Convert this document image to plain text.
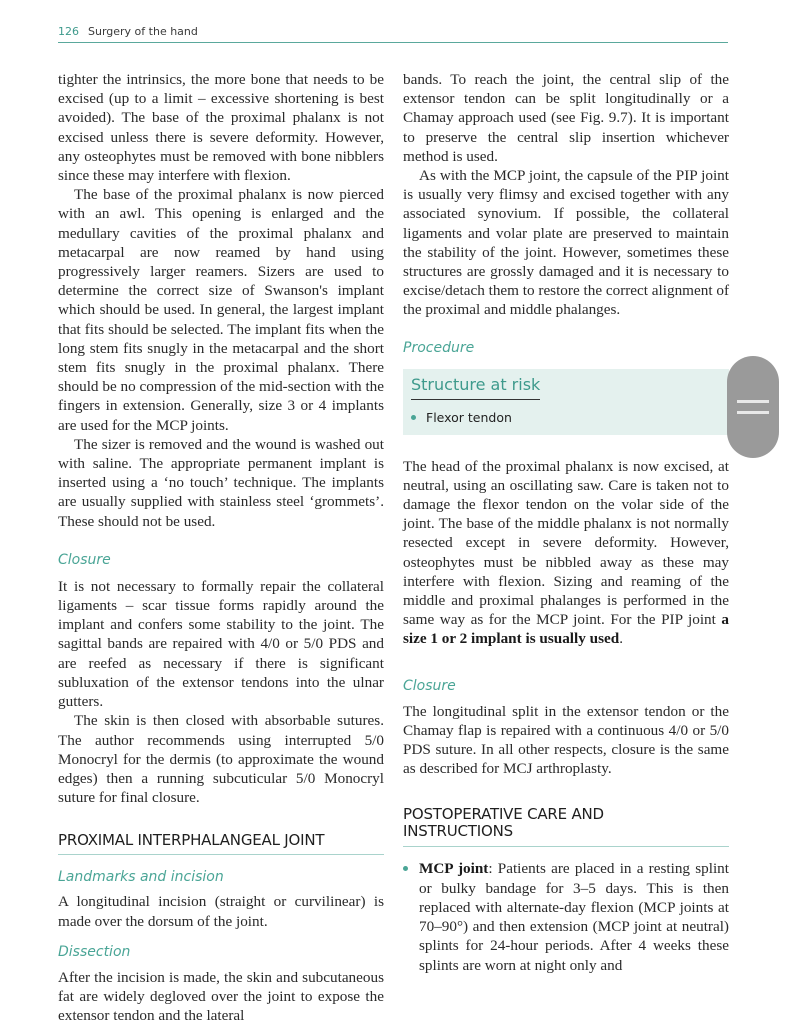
126 Surgery of the hand

tighter the intrinsics, the more bone that needs to be excised (up to a limit – excessive shortening is best avoided). The base of the proximal phalanx is not excised unless there is severe deformity. However, any osteophytes must be removed with bone nibblers since these may interfere with flexion.

The base of the proximal phalanx is now pierced with an awl. This opening is enlarged and the medullary cavities of the proximal phalanx and metacarpal are now reamed by hand using progressively larger reamers. Sizers are used to determine the correct size of Swanson's implant which should be used. In general, the largest implant that fits should be selected. The implant fits when the long stem fits snugly in the metacarpal and the short stem fits snugly in the proximal phalanx. There should be no compression of the mid-section with the fingers in extension. Generally, size 3 or 4 implants are used for the MCP joints.

The sizer is removed and the wound is washed out with saline. The appropriate permanent implant is inserted using a ‘no touch’ technique. The implants are usually supplied with stainless steel ‘grommets’. These should not be used.

Closure

It is not necessary to formally repair the collateral ligaments – scar tissue forms rapidly around the implant and confers some stability to the joint. The sagittal bands are repaired with 4/0 or 5/0 PDS and are reefed as necessary if there is significant subluxation of the extensor tendons into the ulnar gutters.

The skin is then closed with absorbable sutures. The author recommends using interrupted 5/0 Monocryl for the dermis (to approximate the wound edges) then a running subcuticular 5/0 Monocryl suture for final closure.

PROXIMAL INTERPHALANGEAL JOINT
Landmarks and incision

A longitudinal incision (straight or curvilinear) is made over the dorsum of the joint.

Dissection

After the incision is made, the skin and subcutaneous fat are widely degloved over the joint to expose the extensor tendon and the lateral

bands. To reach the joint, the central slip of the extensor tendon can be split longitudinally or a Chamay approach used (see Fig. 9.7). It is important to preserve the central slip insertion whichever method is used.

As with the MCP joint, the capsule of the PIP joint is usually very flimsy and excised together with any associated synovium. If possible, the collateral ligaments and volar plate are preserved to maintain the stability of the joint. However, sometimes these structures are grossly damaged and it is necessary to excise/detach them to restore the correct alignment of the proximal and middle phalanges.

Procedure
Structure at risk
Flexor tendon

The head of the proximal phalanx is now excised, at neutral, using an oscillating saw. Care is taken not to damage the flexor tendon on the volar side of the joint. The base of the middle phalanx is not normally resected except in severe deformity. However, osteophytes must be nibbled away as these may interfere with flexion. Sizing and reaming of the middle and proximal phalanges is performed in the same way as for the MCP joint. For the PIP joint a size 1 or 2 implant is usually used.

Closure

The longitudinal split in the extensor tendon or the Chamay flap is repaired with a continuous 4/0 or 5/0 PDS suture. In all other respects, closure is the same as described for MCJ arthroplasty.

POSTOPERATIVE CARE AND INSTRUCTIONS

MCP joint: Patients are placed in a resting splint or bulky bandage for 3–5 days. This is then replaced with alternate-day flexion (MCP joints at 70–90°) and then extension (MCP joint at neutral) splints for 24-hour periods. After 4 weeks these splints are worn at night only and
